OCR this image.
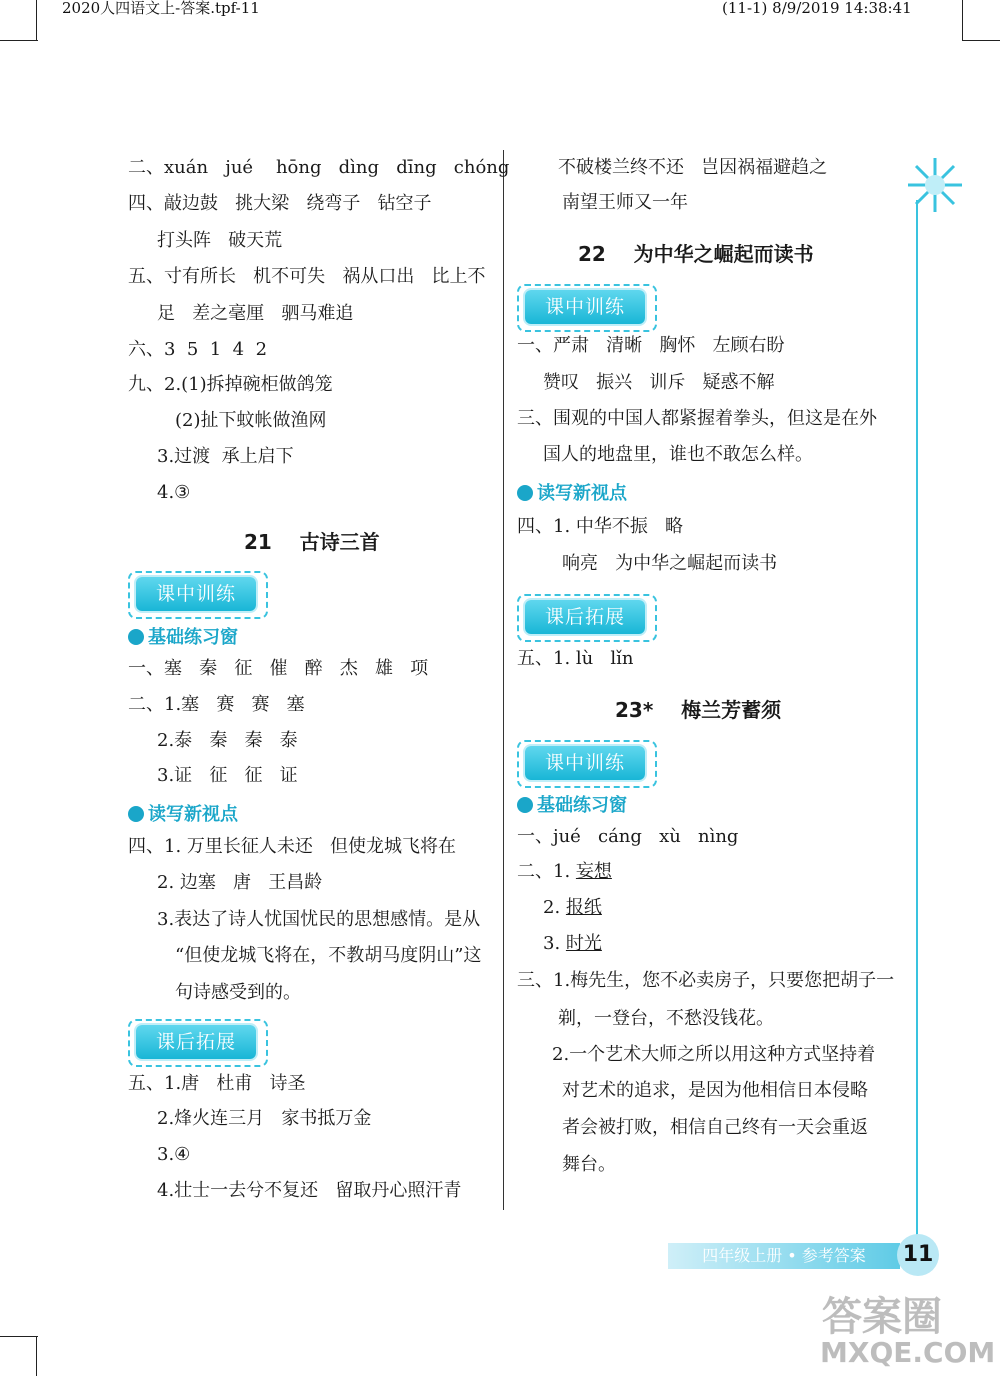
2020人四语文上-答案.tpf-11	(11-1) 8/9/2019 14:38:41
二、xuán   jué    hōng   dìng   dīng   chóng
四、敲边鼓   挑大梁   绕弯子   钻空子
打头阵   破天荒
五、寸有所长   机不可失   祸从口出   比上不
足   差之毫厘   驷马难追
六、3  5  1  4  2
九、2.(1)拆掉碗柜做鸽笼
(2)扯下蚊帐做渔网
3.过渡  承上启下
4.③
21    古诗三首
课中训练
基础练习窗
一、塞   秦   征   催   醉   杰   雄   项
二、1.塞   赛   赛   塞
2.泰   秦   秦   泰
3.证   征   征   证
读写新视点
四、1. 万里长征人未还   但使龙城飞将在
2. 边塞   唐   王昌龄
3.表达了诗人忧国忧民的思想感情。是从
“但使龙城飞将在，不教胡马度阴山”这
句诗感受到的。
课后拓展
五、1.唐   杜甫   诗圣
2.烽火连三月   家书抵万金
3.④
4.壮士一去兮不复还   留取丹心照汗青
不破楼兰终不还   岂因祸福避趋之
南望王师又一年
22    为中华之崛起而读书
课中训练
一、严肃   清晰   胸怀   左顾右盼
赞叹   振兴   训斥   疑惑不解
三、围观的中国人都紧握着拳头，但这是在外
国人的地盘里，谁也不敢怎么样。
读写新视点
四、1. 中华不振   略
响亮   为中华之崛起而读书
课后拓展
五、1. lù   lǐn
23*    梅兰芳蓄须
课中训练
基础练习窗
一、jué   cáng   xù   nìng
二、1. 妄想
2. 报纸
3. 时光
三、1.梅先生，您不必卖房子，只要您把胡子一
剃，一登台，不愁没钱花。
2.一个艺术大师之所以用这种方式坚持着
对艺术的追求，是因为他相信日本侵略
者会被打败，相信自己终有一天会重返
舞台。
四年级上册 • 参考答案	11
答案圈
MXQE.COM
